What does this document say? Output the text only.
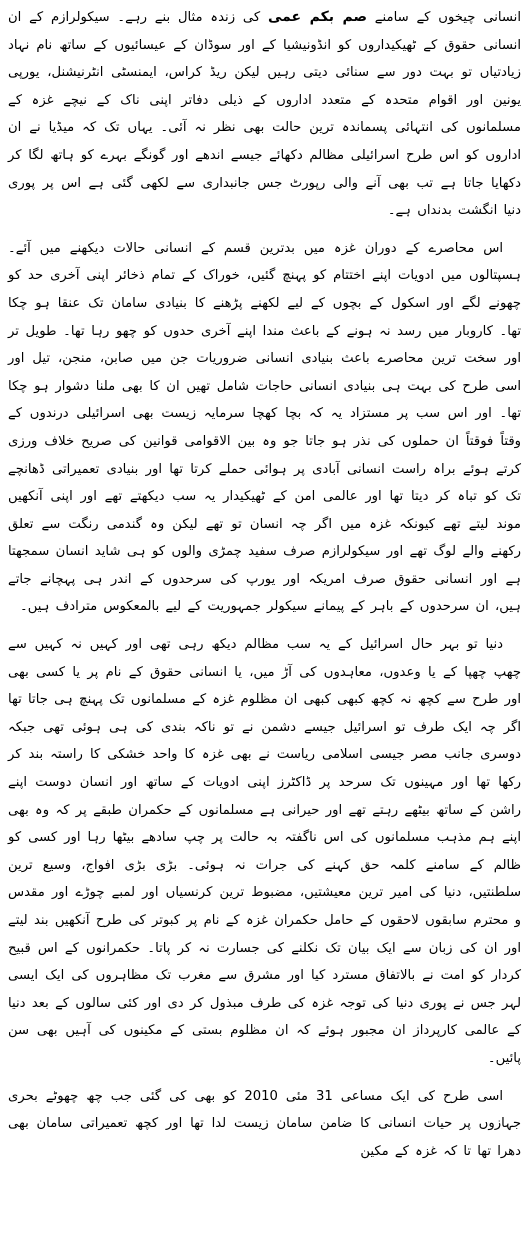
انسانی چیخوں کے سامنے صم بکم عمی کی زندہ مثال بنے رہے۔ سیکولرازم کے ان انسانی حقوق کے ٹھیکیداروں کو انڈونیشیا کے اور سوڈان کے عیسائیوں کے ساتھ نام نہاد زیادتیاں تو بہت دور سے سنائی دیتی رہیں لیکن ریڈ کراس، ایمنسٹی انٹرنیشنل، یورپی یونین اور اقوام متحدہ کے متعدد اداروں کے ذیلی دفاتر اپنی ناک کے نیچے غزہ کے مسلمانوں کی انتہائی پسماندہ ترین حالت بھی نظر نہ آئی۔ یہاں تک کہ میڈیا نے ان اداروں کو اس طرح اسرائیلی مظالم دکھائے جیسے اندھے اور گونگے بہرے کو ہاتھ لگا کر دکھایا جاتا ہے تب بھی آنے والی رپورٹ جس جانبداری سے لکھی گئی ہے اس پر پوری دنیا انگشت بدنداں ہے۔

اس محاصرے کے دوران غزہ میں بدترین قسم کے انسانی حالات دیکھنے میں آئے۔ ہسپتالوں میں ادویات اپنے اختتام کو پہنچ گئیں، خوراک کے تمام ذخائر اپنی آخری حد کو چھونے لگے اور اسکول کے بچوں کے لیے لکھنے پڑھنے کا بنیادی سامان تک عنقا ہو چکا تھا۔ کاروبار میں رسد نہ ہونے کے باعث مندا اپنے آخری حدوں کو چھو رہا تھا۔ طویل تر اور سخت ترین محاصرے باعث بنیادی انسانی ضروریات جن میں صابن، منجن، تیل اور اسی طرح کی بہت ہی بنیادی انسانی حاجات شامل تھیں ان کا بھی ملنا دشوار ہو چکا تھا۔ اور اس سب پر مستزاد یہ کہ بچا کھچا سرمایہ زیست بھی اسرائیلی درندوں کے وقتاً فوقتاً ان حملوں کی نذر ہو جاتا جو وہ بین الاقوامی قوانین کی صریح خلاف ورزی کرتے ہوئے براہ راست انسانی آبادی پر ہوائی حملے کرتا تھا اور بنیادی تعمیراتی ڈھانچے تک کو تباہ کر دیتا تھا اور عالمی امن کے ٹھیکیدار یہ سب دیکھتے تھے اور اپنی آنکھیں موند لیتے تھے کیونکہ غزہ میں اگر چہ انسان تو تھے لیکن وہ گندمی رنگت سے تعلق رکھنے والے لوگ تھے اور سیکولرازم صرف سفید چمڑی والوں کو ہی شاید انسان سمجھتا ہے اور انسانی حقوق صرف امریکہ اور یورپ کی سرحدوں کے اندر ہی پہچانے جاتے ہیں، ان سرحدوں کے باہر کے پیمانے سیکولر جمہوریت کے لیے بالمعکوس مترادف ہیں۔

دنیا تو بہر حال اسرائیل کے یہ سب مظالم دیکھ رہی تھی اور کہیں نہ کہیں سے چھپ چھپا کے یا وعدوں، معاہدوں کی آڑ میں، یا انسانی حقوق کے نام پر یا کسی بھی اور طرح سے کچھ نہ کچھ کبھی کبھی ان مظلوم غزہ کے مسلمانوں تک پہنچ ہی جاتا تھا اگر چہ ایک طرف تو اسرائیل جیسے دشمن نے تو ناکہ بندی کی ہی ہوئی تھی جبکہ دوسری جانب مصر جیسی اسلامی ریاست نے بھی غزہ کا واحد خشکی کا راستہ بند کر رکھا تھا اور مہینوں تک سرحد پر ڈاکٹرز اپنی ادویات کے ساتھ اور انسان دوست اپنے راشن کے ساتھ بیٹھے رہتے تھے اور حیرانی ہے مسلمانوں کے حکمران طبقے پر کہ وہ بھی اپنے ہم مذہب مسلمانوں کی اس ناگفتہ بہ حالت پر چپ سادھے بیٹھا رہا اور کسی کو ظالم کے سامنے کلمہ حق کہنے کی جرات نہ ہوئی۔ بڑی بڑی افواج، وسیع ترین سلطنتیں، دنیا کی امیر ترین معیشتیں، مضبوط ترین کرنسیاں اور لمبے چوڑے اور مقدس و محترم سابقوں لاحقوں کے حامل حکمران غزہ کے نام پر کبوتر کی طرح آنکھیں بند لیتے اور ان کی زبان سے ایک بیان تک نکلنے کی جسارت نہ کر پاتا۔ حکمرانوں کے اس قبیح کردار کو امت نے بالاتفاق مسترد کیا اور مشرق سے مغرب تک مظاہروں کی ایک ایسی لہر جس نے پوری دنیا کی توجہ غزہ کی طرف مبذول کر دی اور کئی سالوں کے بعد دنیا کے عالمی کارپرداز ان مجبور ہوئے کہ ان مظلوم بستی کے مکینوں کی آہیں بھی سن پائیں۔

اسی طرح کی ایک مساعی 31 مئی 2010 کو بھی کی گئی جب چھ چھوٹے بحری جہازوں پر حیات انسانی کا ضامن سامان زیست لدا تھا اور کچھ تعمیراتی سامان بھی دھرا تھا تا کہ غزہ کے مکین
